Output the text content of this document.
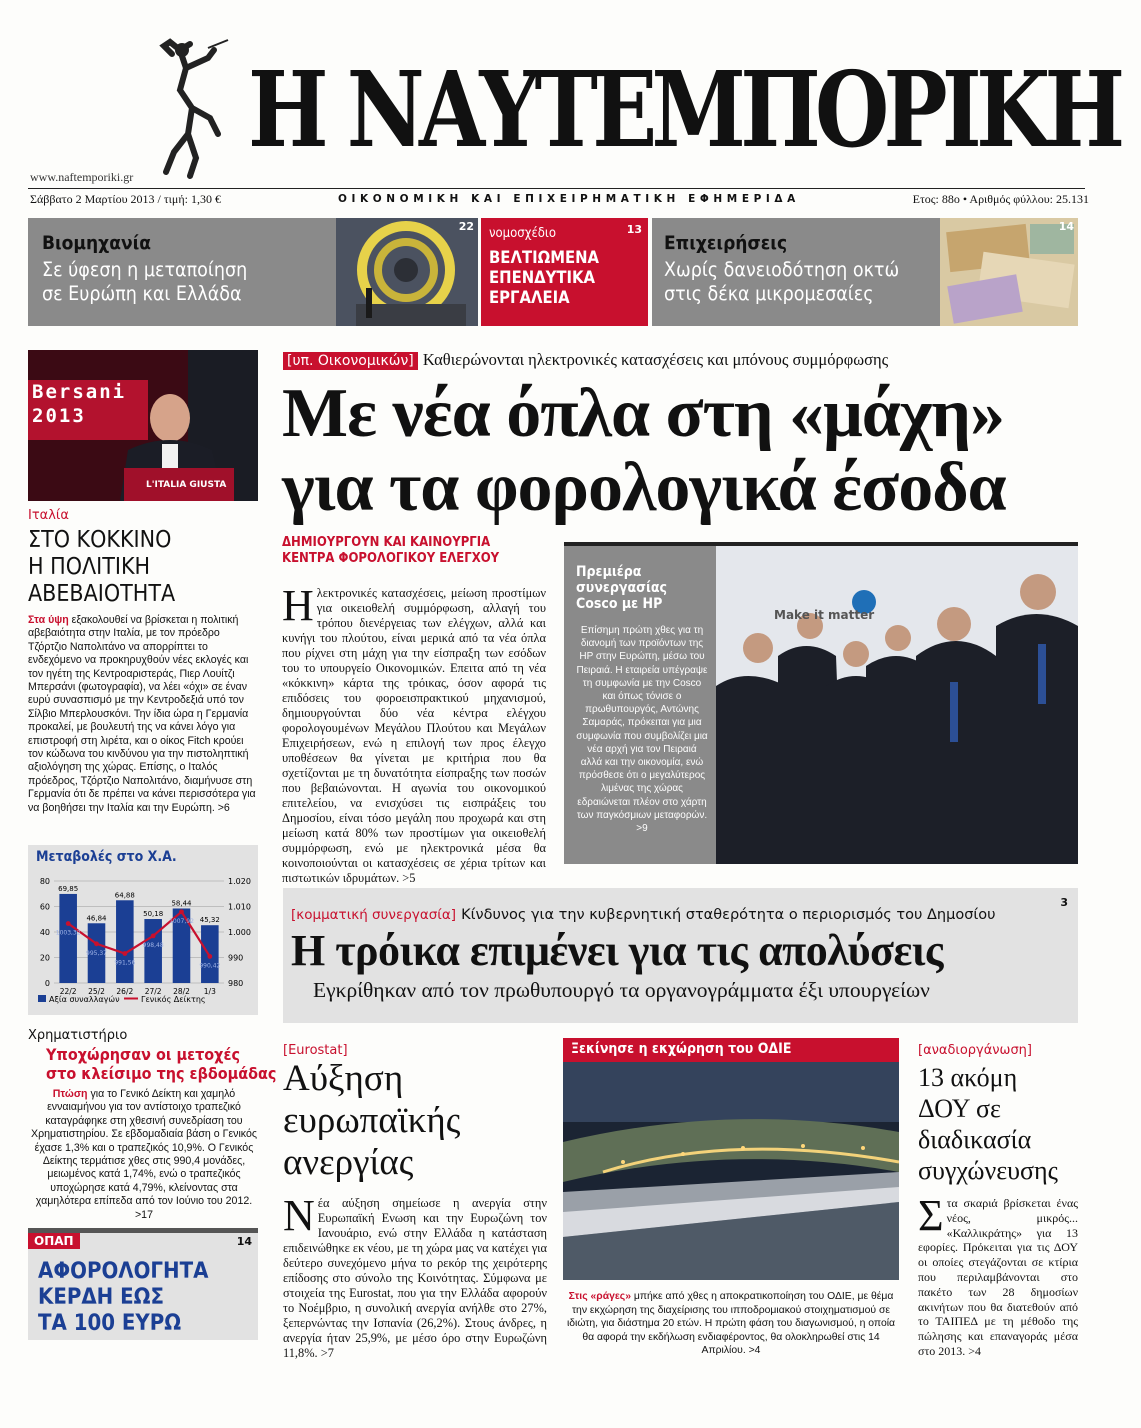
Η ΝΑΥΤΕΜΠΟΡΙΚΗ
www.naftemporiki.gr
Σάββατο 2 Μαρτίου 2013 / τιμή: 1,30 €	ΟΙΚΟΝΟΜΙΚΗ ΚΑΙ ΕΠΙΧΕΙΡΗΜΑΤΙΚΗ ΕΦΗΜΕΡΙΔΑ	Ετος: 88ο • Αριθμός φύλλου: 25.131
Βιομηχανία
Σε ύφεση η μεταποίηση
σε Ευρώπη και Ελλάδα
22 νομοσχέδιο	13
ΒΕΛΤΙΩΜΕΝΑ
ΕΠΕΝΔΥΤΙΚΑ
ΕΡΓΑΛΕΙΑ
Επιχειρήσεις
Χωρίς δανειοδότηση οκτώ
στις δέκα μικρομεσαίες
14
Bersani 2013
L'ITALIA GIUSTA
Ιταλία
ΣΤΟ ΚΟΚΚΙΝΟ
Η ΠΟΛΙΤΙΚΗ
ΑΒΕΒΑΙΟΤΗΤΑ
Στα ύψη εξακολουθεί να βρίσκεται η πολιτική αβεβαιότητα στην Ιταλία, με τον πρόεδρο Τζόρτζιο Ναπολιτάνο να απορρίπτει το ενδεχόμενο να προκηρυχθούν νέες εκλογές και τον ηγέτη της Κεντροαριστεράς, Πιερ Λουίτζι Μπερσάνι (φωτογραφία), να λέει «όχι» σε έναν ευρύ συνασπισμό με την Κεντροδεξιά υπό τον Σίλβιο Μπερλουσκόνι. Την ίδια ώρα η Γερμανία προκαλεί, με βουλευτή της να κάνει λόγο για επιστροφή στη λιρέτα, και ο οίκος Fitch κρούει τον κώδωνα του κινδύνου για την πιστοληπτική αξιολόγηση της χώρας. Επίσης, ο Ιταλός πρόεδρος, Τζόρτζιο Ναπολιτάνο, διαμήνυσε στη Γερμανία ότι δε πρέπει να κάνει περισσότερα για να βοηθήσει την Ιταλία και την Ευρώπη. >6
Μεταβολές στο Χ.Α.
80
60
40
20
0
1.020
1.010
1.000
990
980
69,85
22/2
46,84
25/2
64,88
26/2
50,18
27/2
58,44
28/2
45,32
1/3
1003,32
995,37
991,56
998,48
1007,92
990,42
Αξία συναλλαγών	Γενικός Δείκτης
Χρηματιστήριο
Υποχώρησαν οι μετοχές
στο κλείσιμο της εβδομάδας
Πτώση για το Γενικό Δείκτη και χαμηλό ενναιαμήνου για τον αντίστοιχο τραπεζικό καταγράφηκε στη χθεσινή συνεδρίαση του Χρηματιστηρίου. Σε εβδομαδιαία βάση ο Γενικός έχασε 1,3% και ο τραπεζικός 10,9%. Ο Γενικός Δείκτης τερμάτισε χθες στις 990,4 μονάδες, μειωμένος κατά 1,74%, ενώ ο τραπεζικός υποχώρησε κατά 4,79%, κλείνοντας στα χαμηλότερα επίπεδα από τον Ιούνιο του 2012. >17
ΟΠΑΠ	14
ΑΦΟΡΟΛΟΓΗΤΑ
ΚΕΡΔΗ ΕΩΣ
ΤΑ 100 ΕΥΡΩ
[υπ. Οικονομικών] Καθιερώνονται ηλεκτρονικές κατασχέσεις και μπόνους συμμόρφωσης
Με νέα όπλα στη «μάχη»
για τα φορολογικά έσοδα
ΔΗΜΙΟΥΡΓΟΥΝ ΚΑΙ ΚΑΙΝΟΥΡΓΙΑ
ΚΕΝΤΡΑ ΦΟΡΟΛΟΓΙΚΟΥ ΕΛΕΓΧΟΥ
Ηλεκτρονικές κατασχέσεις, μείωση προστίμων για οικειοθελή συμμόρφωση, αλλαγή του τρόπου διενέργειας των ελέγχων, αλλά και κυνήγι του πλούτου, είναι μερικά από τα νέα όπλα που ρίχνει στη μάχη για την είσπραξη των εσόδων του το υπουργείο Οικονομικών. Επειτα από τη νέα «κόκκινη» κάρτα της τρόικας, όσον αφορά τις επιδόσεις του φοροεισπρακτικού μηχανισμού, δημιουργούνται δύο νέα κέντρα ελέγχου φορολογουμένων Μεγάλου Πλούτου και Μεγάλων Επιχειρήσεων, ενώ η επιλογή των προς έλεγχο υποθέσεων θα γίνεται με κριτήρια που θα σχετίζονται με τη δυνατότητα είσπραξης των ποσών που βεβαιώνονται. Η αγωνία του οικονομικού επιτελείου, να ενισχύσει τις εισπράξεις του Δημοσίου, είναι τόσο μεγάλη που προχωρά και στη μείωση κατά 80% των προστίμων για οικειοθελή συμμόρφωση, ενώ με ηλεκτρονικά μέσα θα κοινοποιούνται οι κατασχέσεις σε χέρια τρίτων και πιστωτικών ιδρυμάτων. >5
Πρεμιέρα
συνεργασίας
Cosco με HP
Επίσημη πρώτη χθες για τη διανομή των προϊόντων της HP στην Ευρώπη, μέσω του Πειραιά. Η εταιρεία υπέγραψε τη συμφωνία με την Cosco και όπως τόνισε ο πρωθυπουργός, Αντώνης Σαμαράς, πρόκειται για μια συμφωνία που συμβολίζει μια νέα αρχή για τον Πειραιά αλλά και την οικονομία, ενώ πρόσθεσε ότι ο μεγαλύτερος λιμένας της χώρας εδραιώνεται πλέον στο χάρτη των παγκόσμιων μεταφορών. >9
Make it matter
[κομματική συνεργασία] Κίνδυνος για την κυβερνητική σταθερότητα ο περιορισμός του Δημοσίου
3
Η τρόικα επιμένει για τις απολύσεις
Εγκρίθηκαν από τον πρωθυπουργό τα οργανογράμματα έξι υπουργείων
[Eurostat]
Αύξηση
ευρωπαϊκής
ανεργίας
Νέα αύξηση σημείωσε η ανεργία στην Ευρωπαϊκή Ενωση και την Ευρωζώνη τον Ιανουάριο, ενώ στην Ελλάδα η κατάσταση επιδεινώθηκε εκ νέου, με τη χώρα μας να κατέχει για δεύτερο συνεχόμενο μήνα το ρεκόρ της χειρότερης επίδοσης στο σύνολο της Κοινότητας. Σύμφωνα με στοιχεία της Eurostat, που για την Ελλάδα αφορούν το Νοέμβριο, η συνολική ανεργία ανήλθε στο 27%, ξεπερνώντας την Ισπανία (26,2%). Στους άνδρες, η ανεργία ήταν 25,9%, με μέσο όρο στην Ευρωζώνη 11,8%. >7
Ξεκίνησε η εκχώρηση του ΟΔΙΕ
Στις «ράγες» μπήκε από χθες η αποκρατικοποίηση του ΟΔΙΕ, με θέμα την εκχώρηση της διαχείρισης του ιπποδρομιακού στοιχηματισμού σε ιδιώτη, για διάστημα 20 ετών. Η πρώτη φάση του διαγωνισμού, η οποία θα αφορά την εκδήλωση ενδιαφέροντος, θα ολοκληρωθεί στις 14 Απριλίου. >4
[αναδιοργάνωση]
13 ακόμη
ΔΟΥ σε
διαδικασία
συγχώνευσης
Στα σκαριά βρίσκεται ένας νέος, μικρός... «Καλλικράτης» για 13 εφορίες. Πρόκειται για τις ΔΟΥ οι οποίες στεγάζονται σε κτίρια που περιλαμβάνονται στο πακέτο των 28 δημοσίων ακινήτων που θα διατεθούν από το ΤΑΙΠΕΔ με τη μέθοδο της πώλησης και επαναγοράς μέσα στο 2013. >4
